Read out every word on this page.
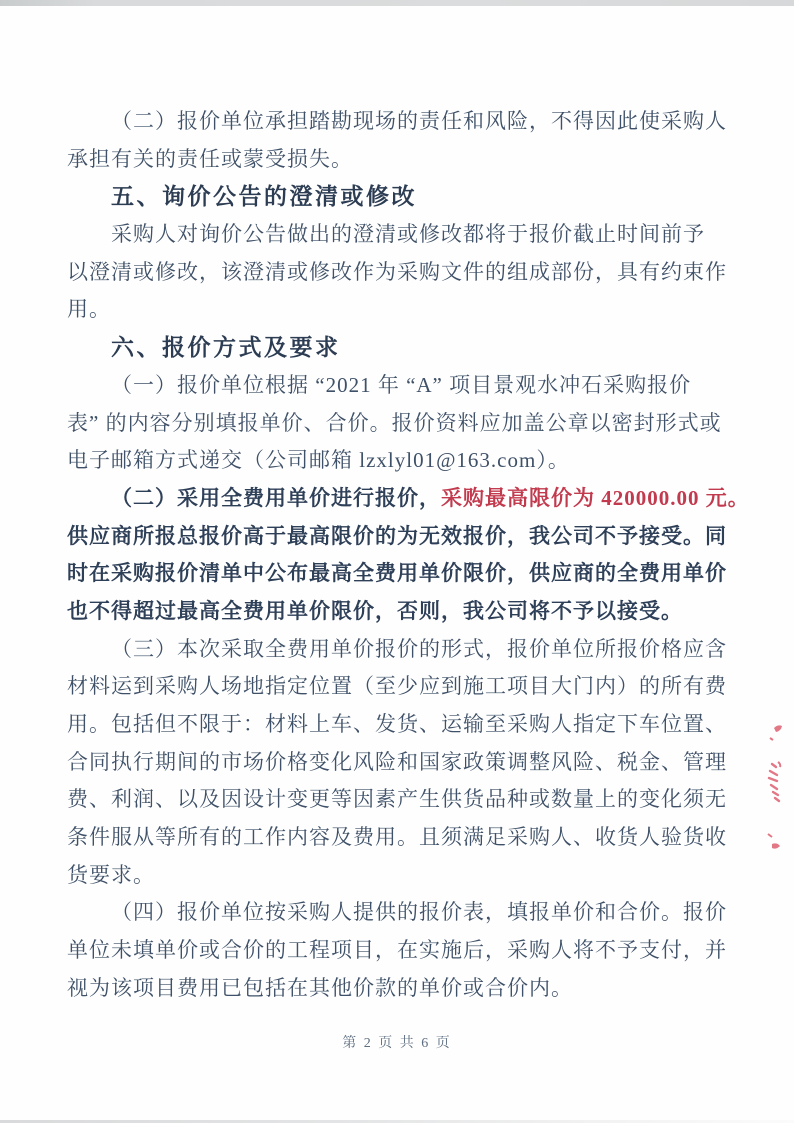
（二）报价单位承担踏勘现场的责任和风险，不得因此使采购人
承担有关的责任或蒙受损失。
五、询价公告的澄清或修改
采购人对询价公告做出的澄清或修改都将于报价截止时间前予
以澄清或修改，该澄清或修改作为采购文件的组成部份，具有约束作
用。
六、报价方式及要求
（一）报价单位根据 “2021 年 “A” 项目景观水冲石采购报价
表” 的内容分别填报单价、合价。报价资料应加盖公章以密封形式或
电子邮箱方式递交（公司邮箱 lzxlyl01@163.com）。
（二）采用全费用单价进行报价，采购最高限价为 420000.00 元。
供应商所报总报价高于最高限价的为无效报价，我公司不予接受。同
时在采购报价清单中公布最高全费用单价限价，供应商的全费用单价
也不得超过最高全费用单价限价，否则，我公司将不予以接受。
（三）本次采取全费用单价报价的形式，报价单位所报价格应含
材料运到采购人场地指定位置（至少应到施工项目大门内）的所有费
用。包括但不限于：材料上车、发货、运输至采购人指定下车位置、
合同执行期间的市场价格变化风险和国家政策调整风险、税金、管理
费、利润、以及因设计变更等因素产生供货品种或数量上的变化须无
条件服从等所有的工作内容及费用。且须满足采购人、收货人验货收
货要求。
（四）报价单位按采购人提供的报价表，填报单价和合价。报价
单位未填单价或合价的工程项目，在实施后，采购人将不予支付，并
视为该项目费用已包括在其他价款的单价或合价内。
第 2 页 共 6 页
